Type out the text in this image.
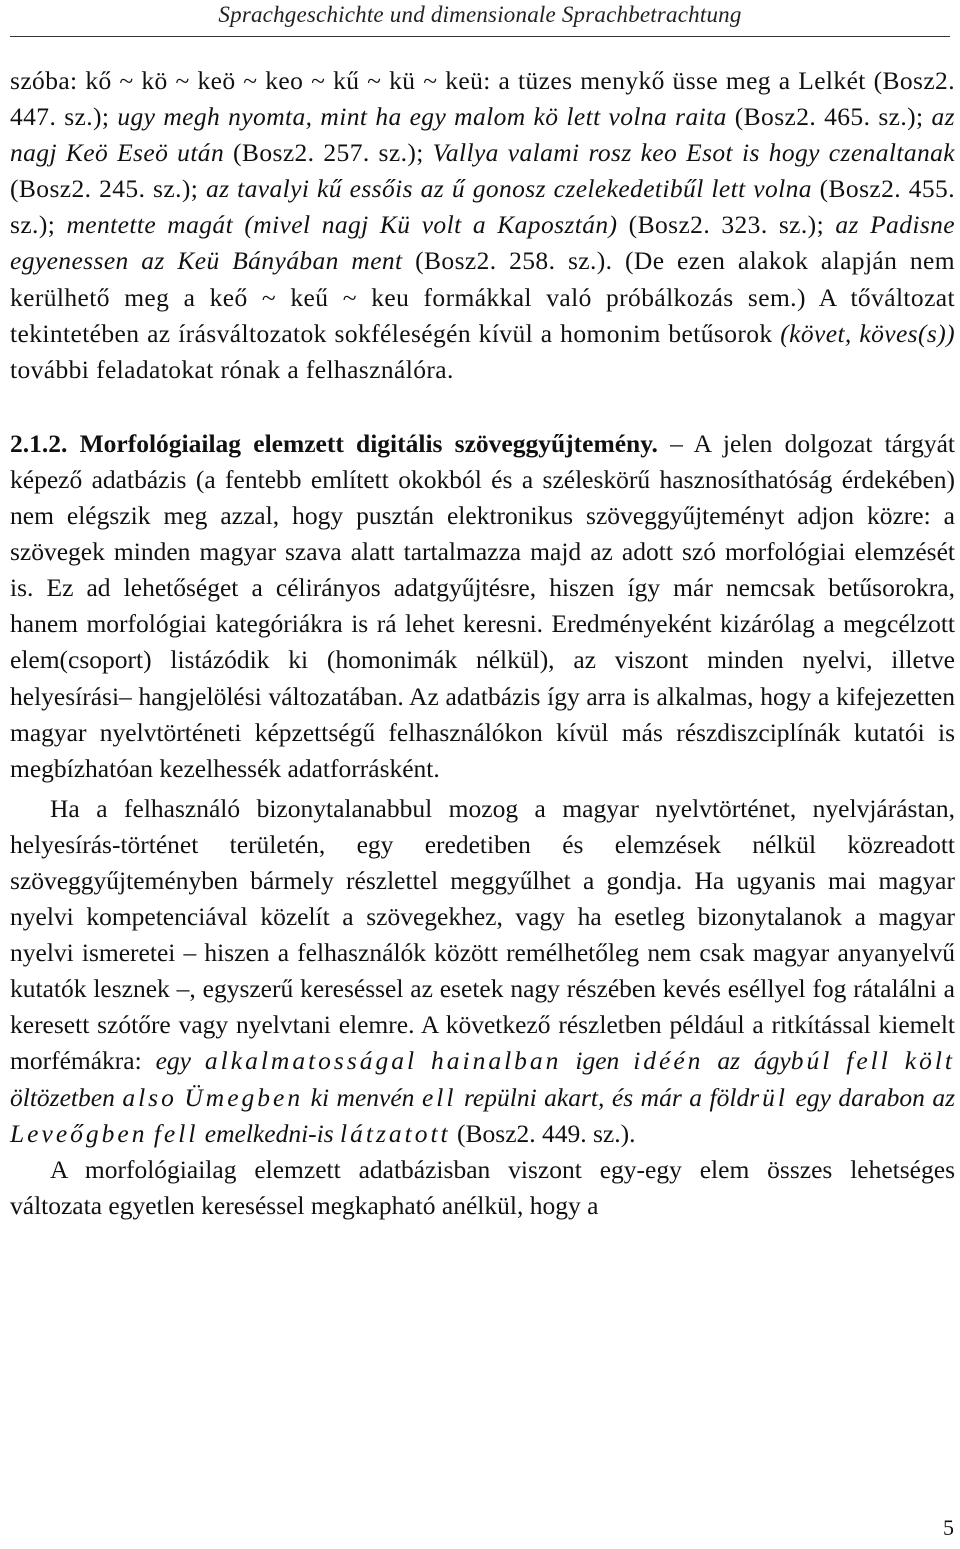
Sprachgeschichte und dimensionale Sprachbetrachtung

szóba: kő ~ kö ~ keö ~ keo ~ kű ~ kü ~ keü: a tüzes menykő üsse meg a Lelkét (Bosz2. 447. sz.); ugy megh nyomta, mint ha egy malom kö lett volna raita (Bosz2. 465. sz.); az nagj Keö Eseö után (Bosz2. 257. sz.); Vallya valami rosz keo Esot is hogy czenaltanak (Bosz2. 245. sz.); az tavalyi kű essőis az ű gonosz czelekedetibűl lett volna (Bosz2. 455. sz.); mentette magát (mivel nagj Kü volt a Kaposztán) (Bosz2. 323. sz.); az Padisne egyenessen az Keü Bányában ment (Bosz2. 258. sz.). (De ezen alakok alapján nem kerülhető meg a keő ~ keű ~ keu formákkal való próbálkozás sem.) A tőváltozat tekintetében az írásváltozatok sokféleségén kívül a homonim betűsorok (követ, köves(s)) további feladatokat rónak a felhasználóra.

2.1.2. Morfológiailag elemzett digitális szöveggyűjtemény. – A jelen dolgozat tárgyát képező adatbázis (a fentebb említett okokból és a széleskörű hasznosíthatóság érdekében) nem elégszik meg azzal, hogy pusztán elektronikus szöveggyűjteményt adjon közre: a szövegek minden magyar szava alatt tartalmazza majd az adott szó morfológiai elemzését is. Ez ad lehetőséget a célirányos adatgyűjtésre, hiszen így már nemcsak betűsorokra, hanem morfológiai kategóriákra is rá lehet keresni. Eredményeként kizárólag a megcélzott elem(csoport) listázódik ki (homonimák nélkül), az viszont minden nyelvi, illetve helyesírási– hangjelölési változatában. Az adatbázis így arra is alkalmas, hogy a kifejezetten magyar nyelvtörténeti képzettségű felhasználókon kívül más részdiszciplínák kutatói is megbízhatóan kezelhessék adatforrásként.

Ha a felhasználó bizonytalanabbul mozog a magyar nyelvtörténet, nyelvjárástan, helyesírás-történet területén, egy eredetiben és elemzések nélkül közreadott szöveggyűjteményben bármely részlettel meggyűlhet a gondja. Ha ugyanis mai magyar nyelvi kompetenciával közelít a szövegekhez, vagy ha esetleg bizonytalanok a magyar nyelvi ismeretei – hiszen a felhasználók között remélhetőleg nem csak magyar anyanyelvű kutatók lesznek –, egyszerű kereséssel az esetek nagy részében kevés eséllyel fog rátalálni a keresett szótőre vagy nyelvtani elemre. A következő részletben például a ritkítással kiemelt morfémákra: egy alkalmatosságal hainalban igen idéén az ágybúl fell költ öltözetben also Ümegben ki menvén ell repülni akart, és már a földrül egy darabon az Leveőgben fell emelkedni-is látzatott (Bosz2. 449. sz.).

A morfológiailag elemzett adatbázisban viszont egy-egy elem összes lehetséges változata egyetlen kereséssel megkapható anélkül, hogy a

5
